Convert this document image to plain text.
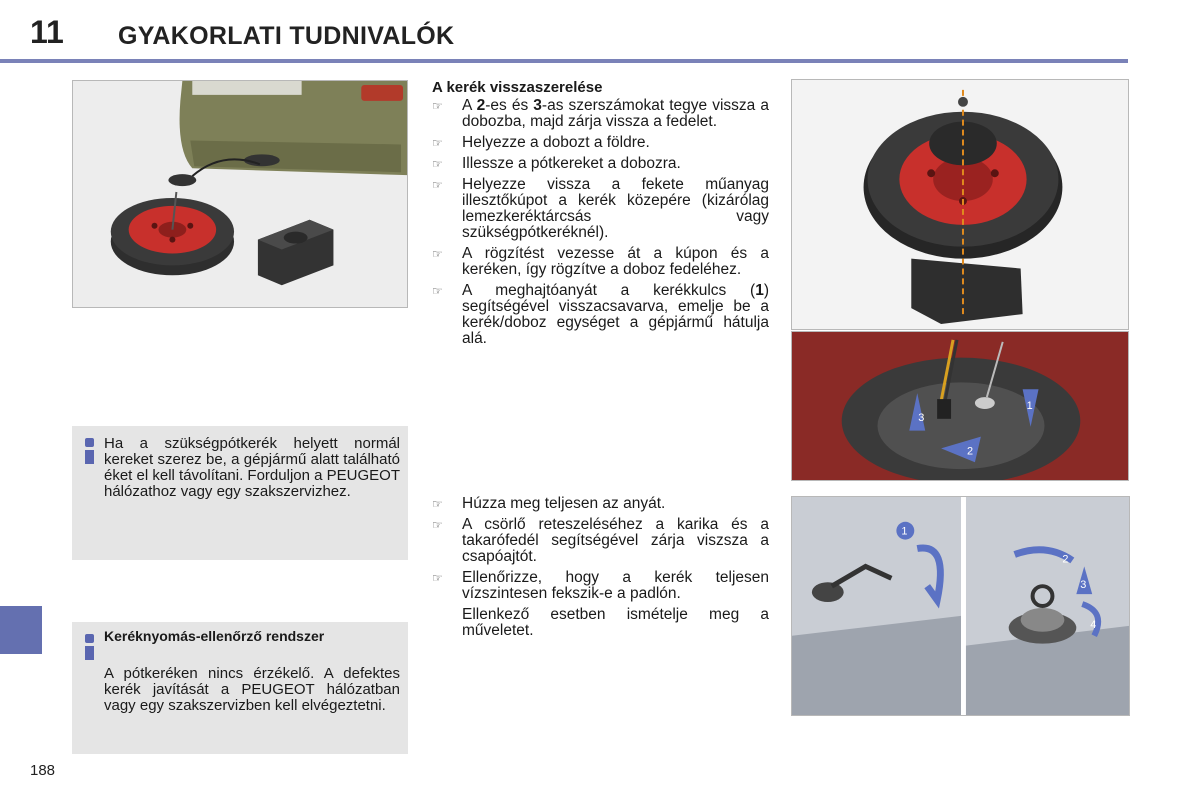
11 GYAKORLATI TUDNIVALÓK
3
1
2
1
2
3
4
A kerék visszaszerelése
☞ A 2-es és 3-as szerszámokat tegye vissza a dobozba, majd zárja vissza a fedelet.
☞ Helyezze a dobozt a földre.
☞ Illessze a pótkereket a dobozra.
☞ Helyezze vissza a fekete műanyag illesztőkúpot a kerék közepére (kizárólag lemezkeréktárcsás vagy szükségpótkeréknél).
☞ A rögzítést vezesse át a kúpon és a keréken, így rögzítve a doboz fedeléhez.
☞ A meghajtóanyát a kerékkulcs (1) segítségével visszacsavarva, emelje be a kerék/doboz egységet a gépjármű hátulja alá.
☞ Húzza meg teljesen az anyát.
☞ A csörlő reteszeléséhez a karika és a takarófedél segítségével zárja viszsza a csapóajtót.
☞ Ellenőrizze, hogy a kerék teljesen vízszintesen fekszik-e a padlón.
Ellenkező esetben ismételje meg a műveletet.
Ha a szükségpótkerék helyett normál kereket szerez be, a gépjármű alatt található éket el kell távolítani. Forduljon a PEUGEOT hálózathoz vagy egy szakszervizhez.
Keréknyomás-ellenőrző rendszer
A pótkeréken nincs érzékelő. A defektes kerék javítását a PEUGEOT hálózatban vagy egy szakszervizben kell elvégeztetni.
188
